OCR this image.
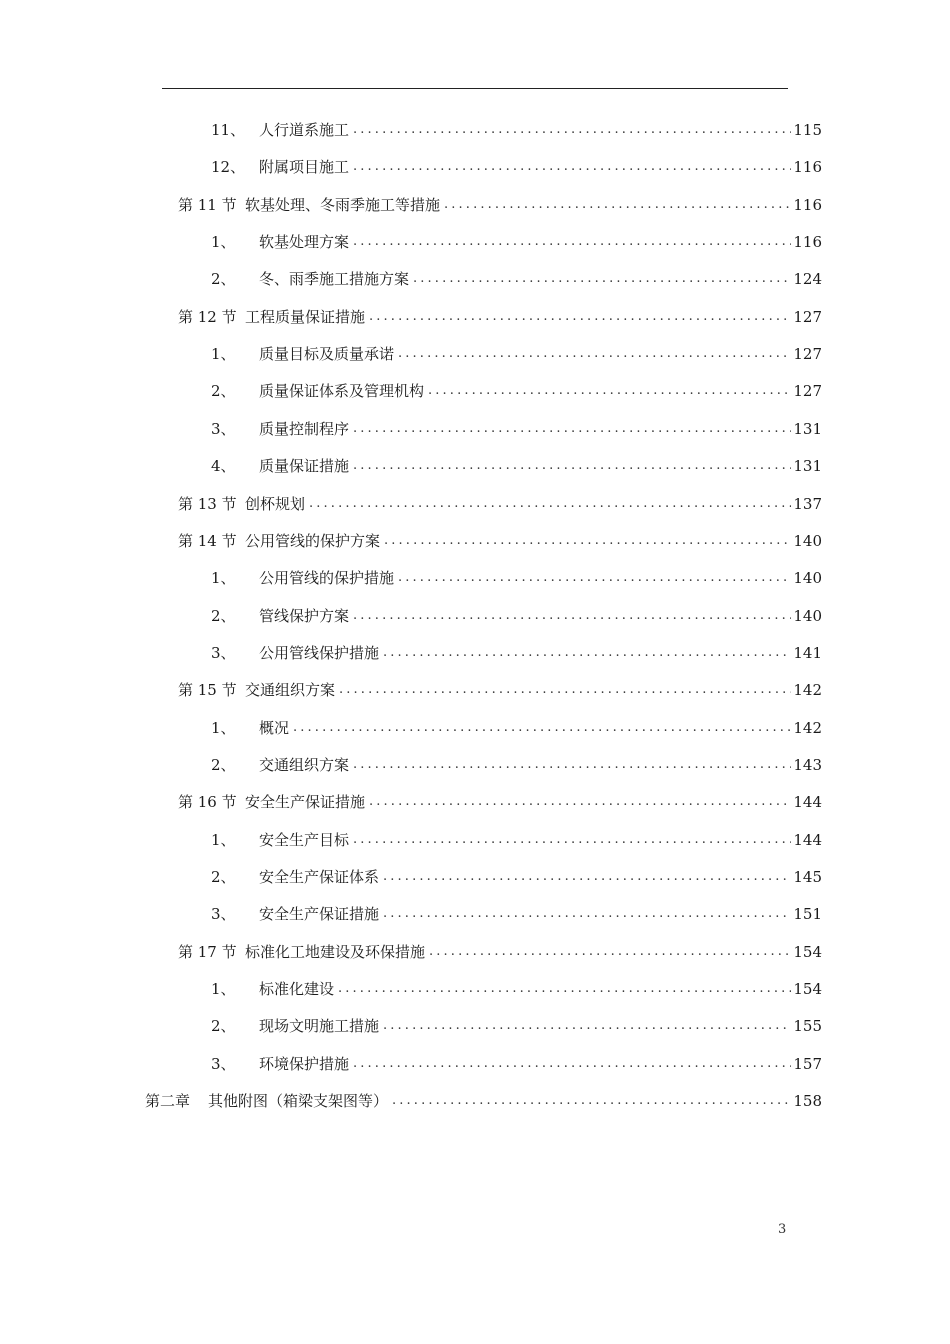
11、 人行道系施工 . . .	115
12、 附属项目施工 . . .	116
第 11 节 软基处理、冬雨季施工等措施 . . .	116
1、	软基处理方案 . . .	116
2、	冬、雨季施工措施方案 . . .	124
第 12 节 工程质量保证措施 . . .	127
1、	质量目标及质量承诺 . . .	127
2、	质量保证体系及管理机构 . . .	127
3、	质量控制程序 . . .	131
4、	质量保证措施 . . .	131
第 13 节 创杯规划 . . .	137
第 14 节 公用管线的保护方案 . . .	140
1、	公用管线的保护措施 . . .	140
2、	管线保护方案 . . .	140
3、	公用管线保护措施 . . .	141
第 15 节 交通组织方案 . . .	142
1、	概况 . . .	142
2、	交通组织方案 . . .	143
第 16 节 安全生产保证措施 . . .	144
1、	安全生产目标 . . .	144
2、	安全生产保证体系 . . .	145
3、	安全生产保证措施 . . .	151
第 17 节 标准化工地建设及环保措施 . . .	154
1、	标准化建设 . . .	154
2、	现场文明施工措施 . . .	155
3、	环境保护措施 . . .	157
第二章	其他附图（箱梁支架图等） . . .	158
3
